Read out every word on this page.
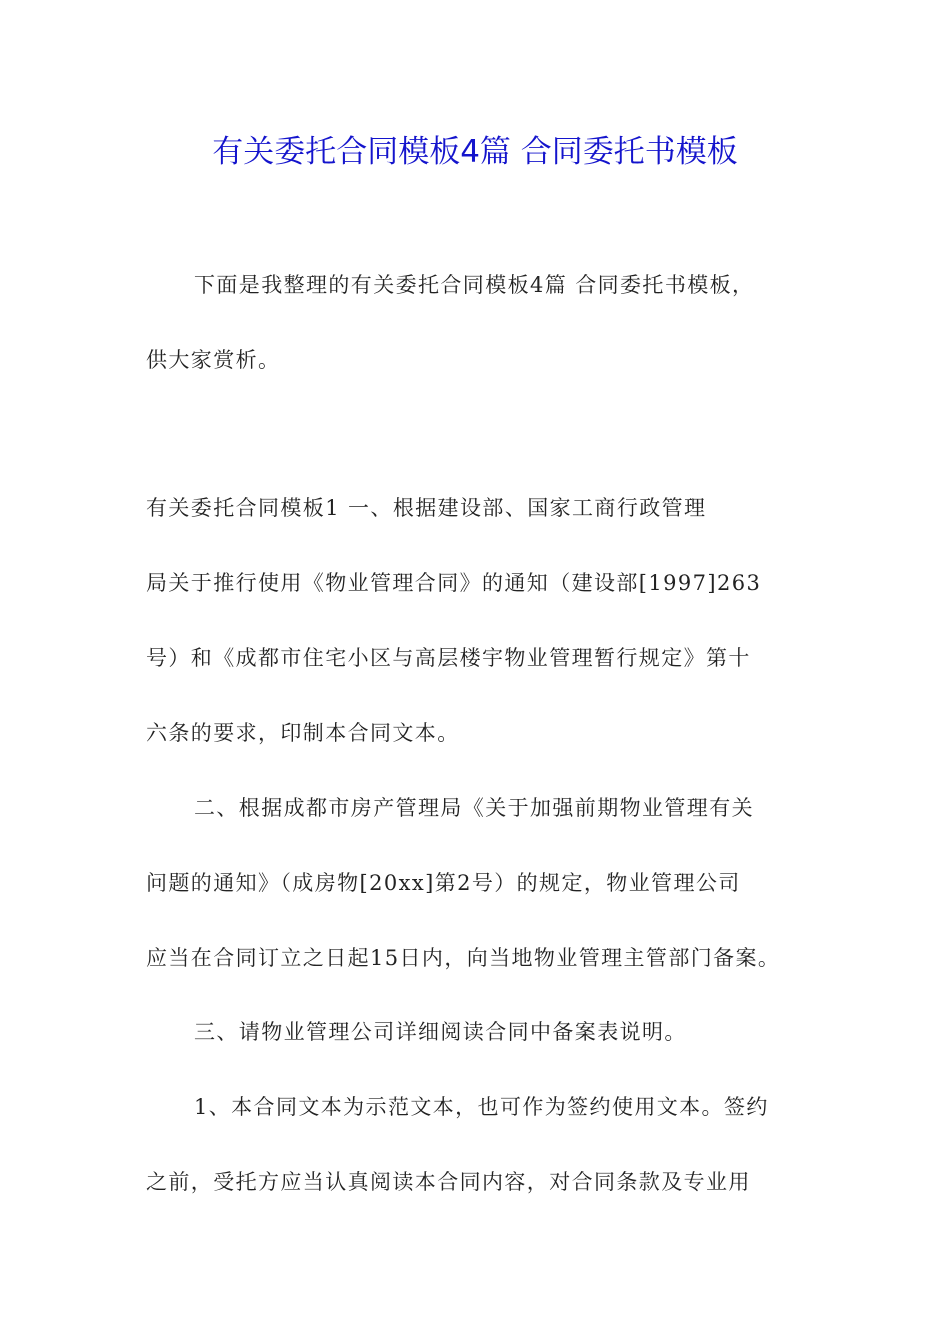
有关委托合同模板4篇 合同委托书模板
下面是我整理的有关委托合同模板4篇 合同委托书模板，
供大家赏析。
有关委托合同模板1 一、根据建设部、国家工商行政管理
局关于推行使用《物业管理合同》的通知（建设部[1997]263
号）和《成都市住宅小区与高层楼宇物业管理暂行规定》第十
六条的要求，印制本合同文本。
二、根据成都市房产管理局《关于加强前期物业管理有关
问题的通知》（成房物[20xx]第2号）的规定，物业管理公司
应当在合同订立之日起15日内，向当地物业管理主管部门备案。
三、请物业管理公司详细阅读合同中备案表说明。
1、本合同文本为示范文本，也可作为签约使用文本。签约
之前，受托方应当认真阅读本合同内容，对合同条款及专业用
